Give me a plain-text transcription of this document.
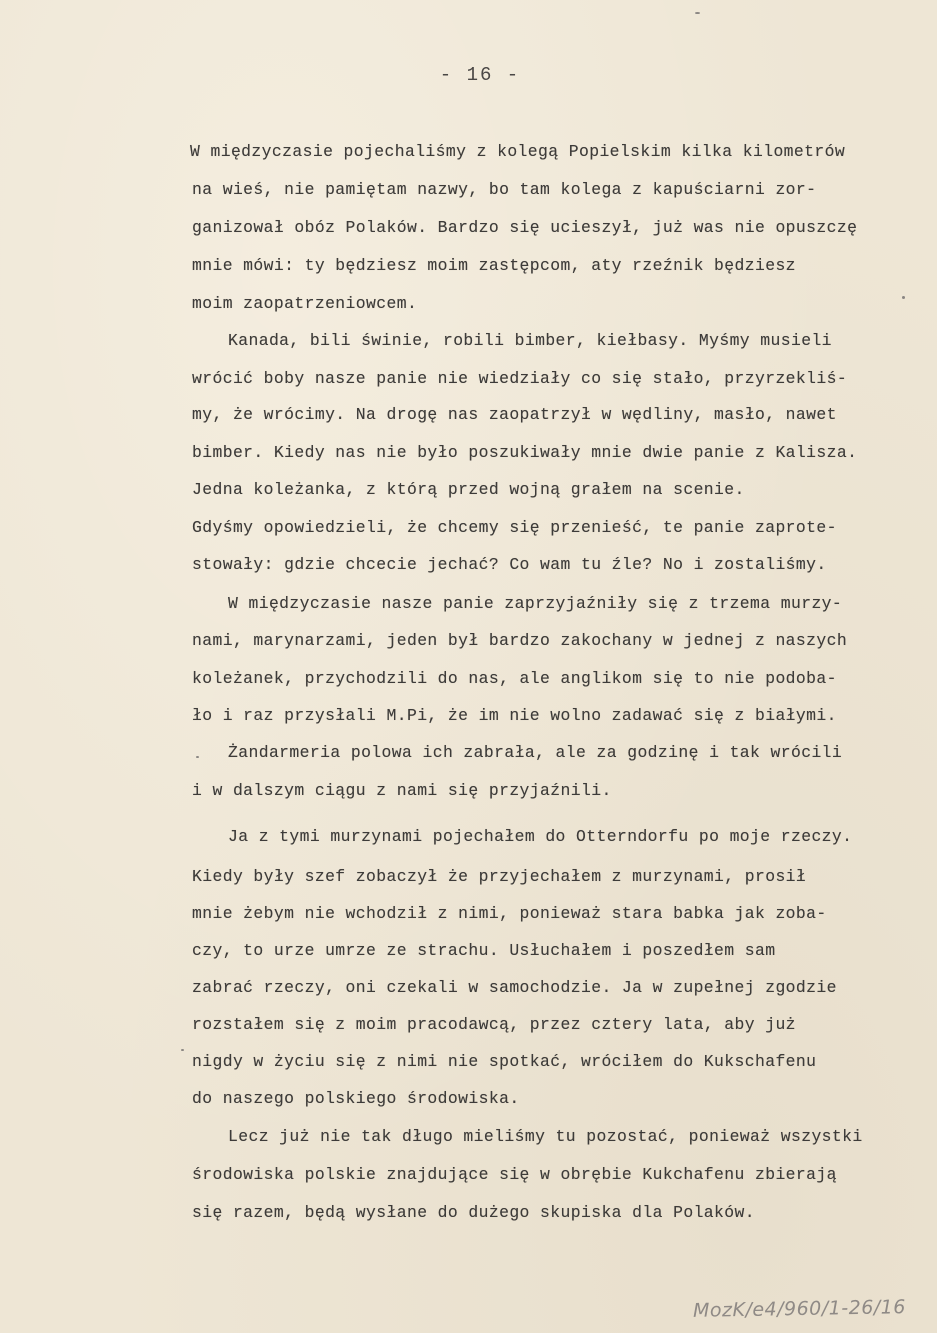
- 16 -
W międzyczasie pojechaliśmy z kolegą Popielskim kilka kilometrów
na wieś, nie pamiętam nazwy, bo tam kolega z kapuściarni zor-
ganizował obóz Polaków. Bardzo się ucieszył, już was nie opuszczę
mnie mówi: ty będziesz moim zastępcom, aty rzeźnik będziesz
moim zaopatrzeniowcem.
Kanada, bili świnie, robili bimber, kiełbasy. Myśmy musieli
wrócić boby nasze panie nie wiedziały co się stało, przyrzekliś-
my, że wrócimy. Na drogę nas zaopatrzył w wędliny, masło, nawet
bimber. Kiedy nas nie było poszukiwały mnie dwie panie z Kalisza.
Jedna koleżanka, z którą przed wojną grałem na scenie.
Gdyśmy opowiedzieli, że chcemy się przenieść, te panie zaprote-
stowały: gdzie chcecie jechać? Co wam tu źle? No i zostaliśmy.
W międzyczasie nasze panie zaprzyjaźniły się z trzema murzy-
nami, marynarzami, jeden był bardzo zakochany w jednej z naszych
koleżanek, przychodzili do nas, ale anglikom się to nie podoba-
ło i raz przysłali M.Pi, że im nie wolno zadawać się z białymi.
Żandarmeria polowa ich zabrała, ale za godzinę i tak wrócili
i w dalszym ciągu z nami się przyjaźnili.
Ja z tymi murzynami pojechałem do Otterndorfu po moje rzeczy.
Kiedy były szef zobaczył że przyjechałem z murzynami, prosił
mnie żebym nie wchodził z nimi, ponieważ stara babka jak zoba-
czy, to urze umrze ze strachu. Usłuchałem i poszedłem sam
zabrać rzeczy, oni czekali w samochodzie. Ja w zupełnej zgodzie
rozstałem się z moim pracodawcą, przez cztery lata, aby już
nigdy w życiu się z nimi nie spotkać, wróciłem do Kukschafenu
do naszego polskiego środowiska.
Lecz już nie tak długo mieliśmy tu pozostać, ponieważ wszystki
środowiska polskie znajdujące się w obrębie Kukchafenu zbierają
się razem, będą wysłane do dużego skupiska dla Polaków.
MozK/e4/960/1-26/16
